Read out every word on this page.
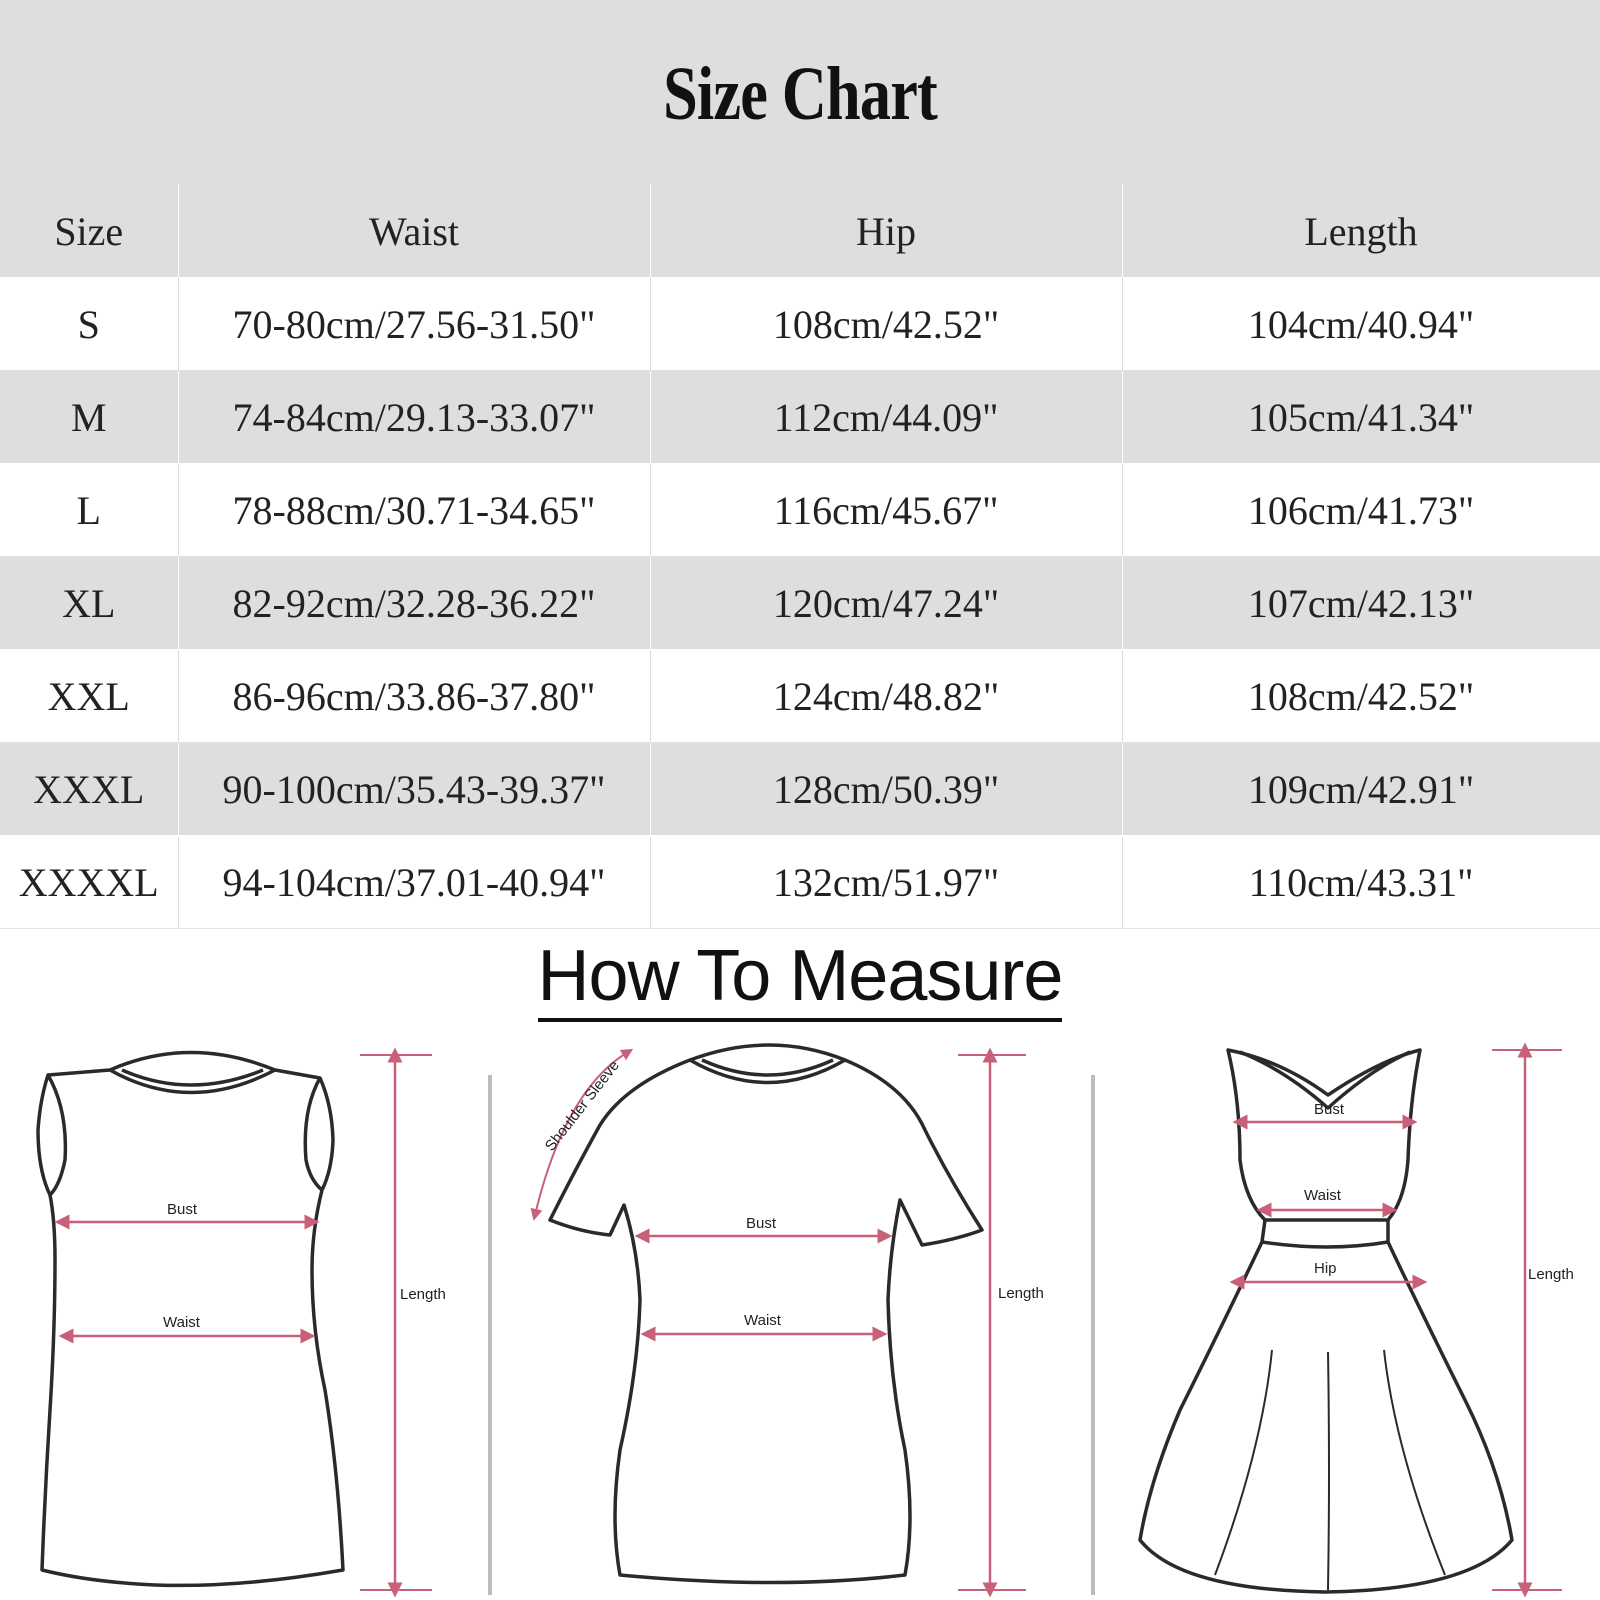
Size Chart
Size	Waist	Hip	Length
S	70-80cm/27.56-31.50"	108cm/42.52"	104cm/40.94"
M	74-84cm/29.13-33.07"	112cm/44.09"	105cm/41.34"
L	78-88cm/30.71-34.65"	116cm/45.67"	106cm/41.73"
XL	82-92cm/32.28-36.22"	120cm/47.24"	107cm/42.13"
XXL	86-96cm/33.86-37.80"	124cm/48.82"	108cm/42.52"
XXXL	90-100cm/35.43-39.37"	128cm/50.39"	109cm/42.91"
XXXXL	94-104cm/37.01-40.94"	132cm/51.97"	110cm/43.31"
How To Measure
Bust
Waist
Length
Shoulder Sleeve
Bust
Waist
Length
Bust
Waist
Hip	Length
